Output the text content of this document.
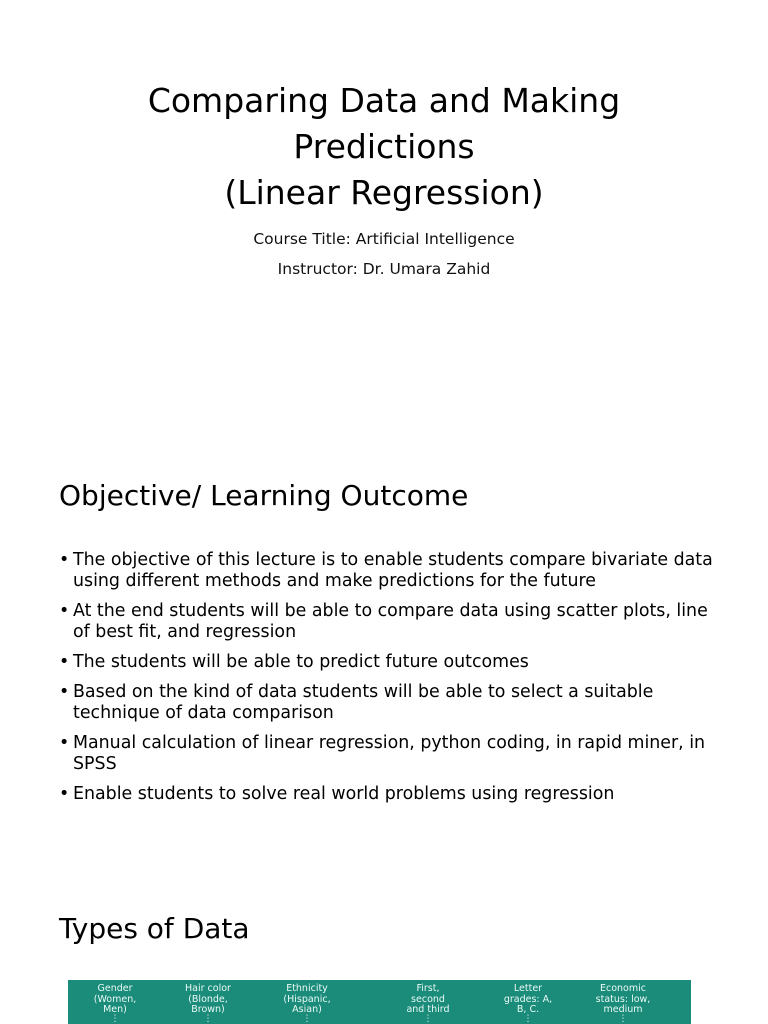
Comparing Data and Making
Predictions
(Linear Regression)

Course Title: Artificial Intelligence

Instructor: Dr. Umara Zahid

Objective/ Learning Outcome
• The objective of this lecture is to enable students compare bivariate data using different methods and make predictions for the future
• At the end students will be able to compare data using scatter plots, line of best fit, and regression
• The students will be able to predict future outcomes
• Based on the kind of data students will be able to select a suitable technique of data comparison
• Manual calculation of linear regression, python coding, in rapid miner, in SPSS
• Enable students to solve real world problems using regression
Types of Data
Gender
(Women,
Men)
⋮
Hair color
(Blonde,
Brown)
⋮
Ethnicity
(Hispanic,
Asian)
⋮
First,
second
and third
⋮
Letter
grades: A,
B, C.
⋮
Economic
status: low,
medium
⋮
